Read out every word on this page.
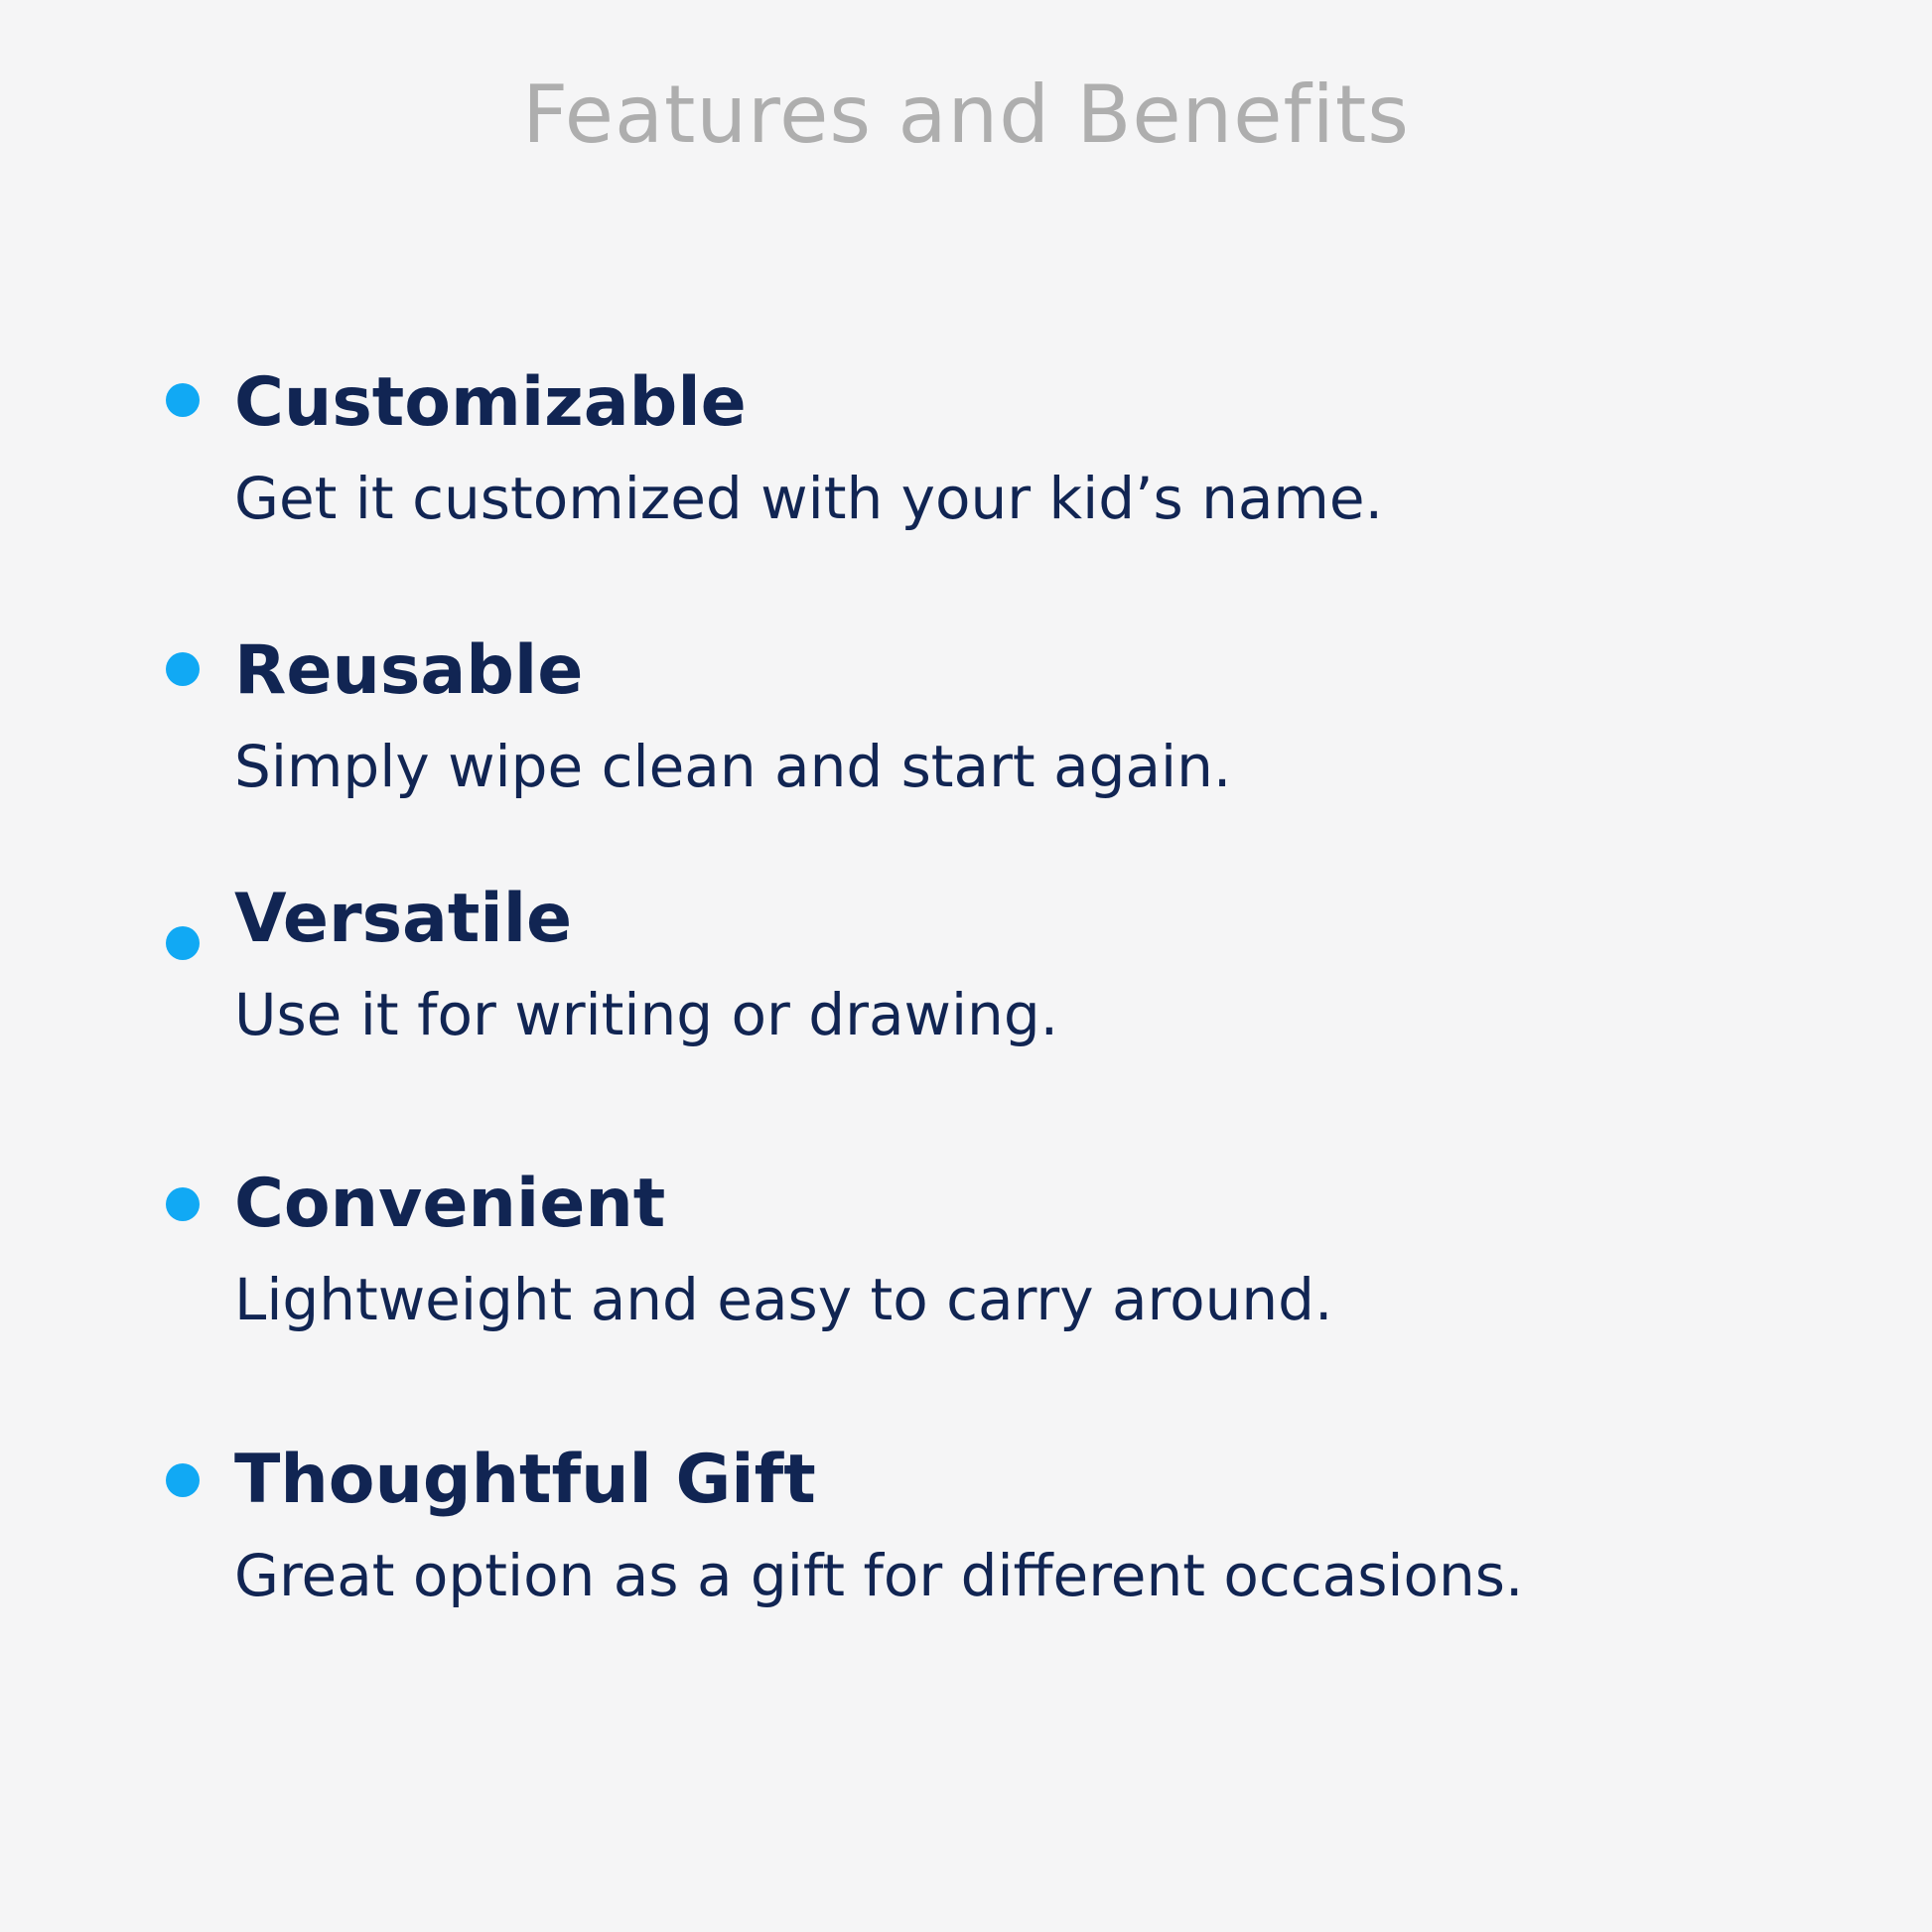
Features and Benefits
Customizable

Get it customized with your kid’s name.

Reusable

Simply wipe clean and start again.

Versatile

Use it for writing or drawing.

Convenient

Lightweight and easy to carry around.

Thoughtful Gift

Great option as a gift for different occasions.
